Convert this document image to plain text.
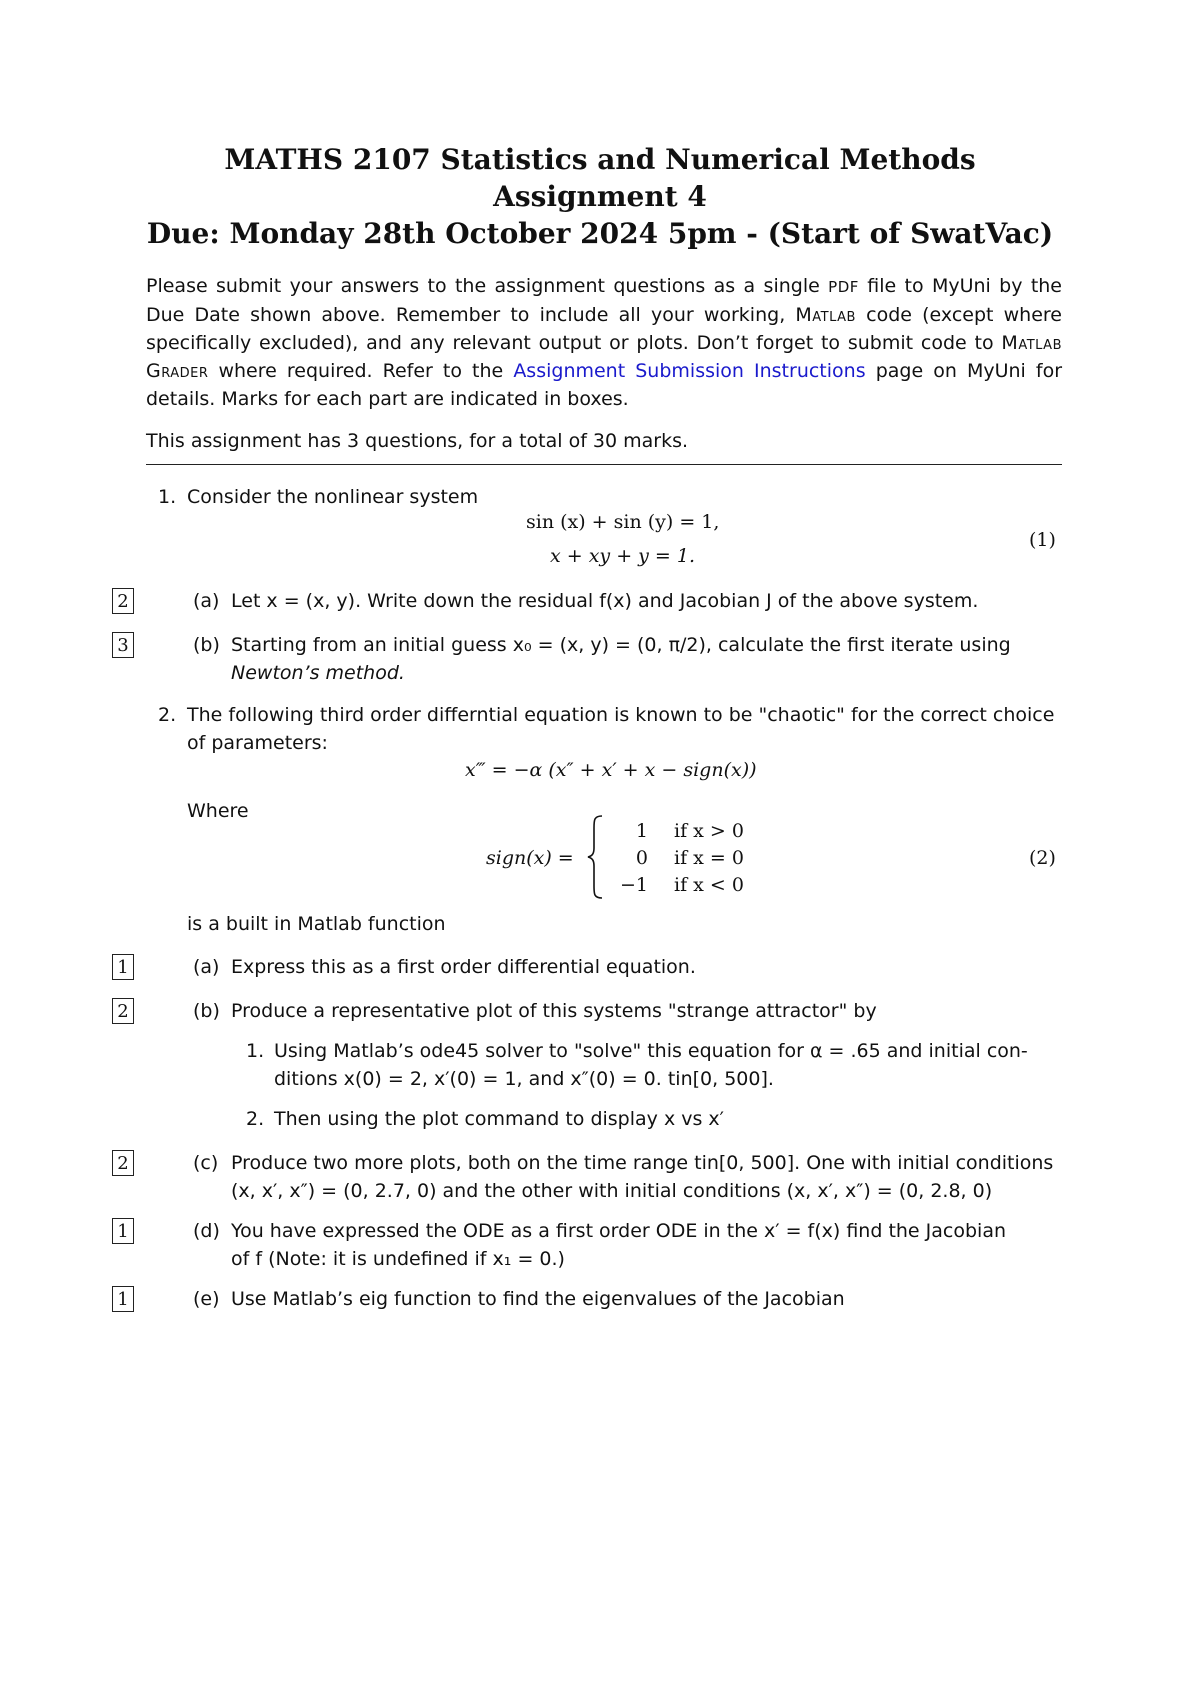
MATHS 2107 Statistics and Numerical Methods
Assignment 4
Due: Monday 28th October 2024 5pm - (Start of SwatVac)
Please submit your answers to the assignment questions as a single PDF file to MyUni by the Due Date shown above. Remember to include all your working, Matlab code (except where specifically excluded), and any relevant output or plots. Don’t forget to submit code to Matlab Grader where required. Refer to the Assignment Submission Instructions page on MyUni for details. Marks for each part are indicated in boxes.
This assignment has 3 questions, for a total of 30 marks.
1. Consider the nonlinear system
sin (x) + sin (y) = 1,
x + xy + y = 1.
(1)
2	(a) Let x = (x, y). Write down the residual f(x) and Jacobian J of the above system.
3	(b) Starting from an initial guess x₀ = (x, y) = (0, π/2), calculate the first iterate using
Newton’s method.
2. The following third order differntial equation is known to be "chaotic" for the correct choice
of parameters:
x‴ = −α (x″ + x′ + x − sign(x))
Where
sign(x) =
1 if x > 0
0 if x = 0
−1 if x < 0
(2)
is a built in Matlab function
1	(a) Express this as a first order differential equation.
2	(b) Produce a representative plot of this systems "strange attractor" by
1. Using Matlab’s ode45 solver to "solve" this equation for α = .65 and initial con-
ditions x(0) = 2, x′(0) = 1, and x″(0) = 0. tin[0, 500].
2. Then using the plot command to display x vs x′
2	(c) Produce two more plots, both on the time range tin[0, 500]. One with initial conditions
(x, x′, x″) = (0, 2.7, 0) and the other with initial conditions (x, x′, x″) = (0, 2.8, 0)
1	(d) You have expressed the ODE as a first order ODE in the x′ = f(x) find the Jacobian
of f (Note: it is undefined if x₁ = 0.)
1	(e) Use Matlab’s eig function to find the eigenvalues of the Jacobian
